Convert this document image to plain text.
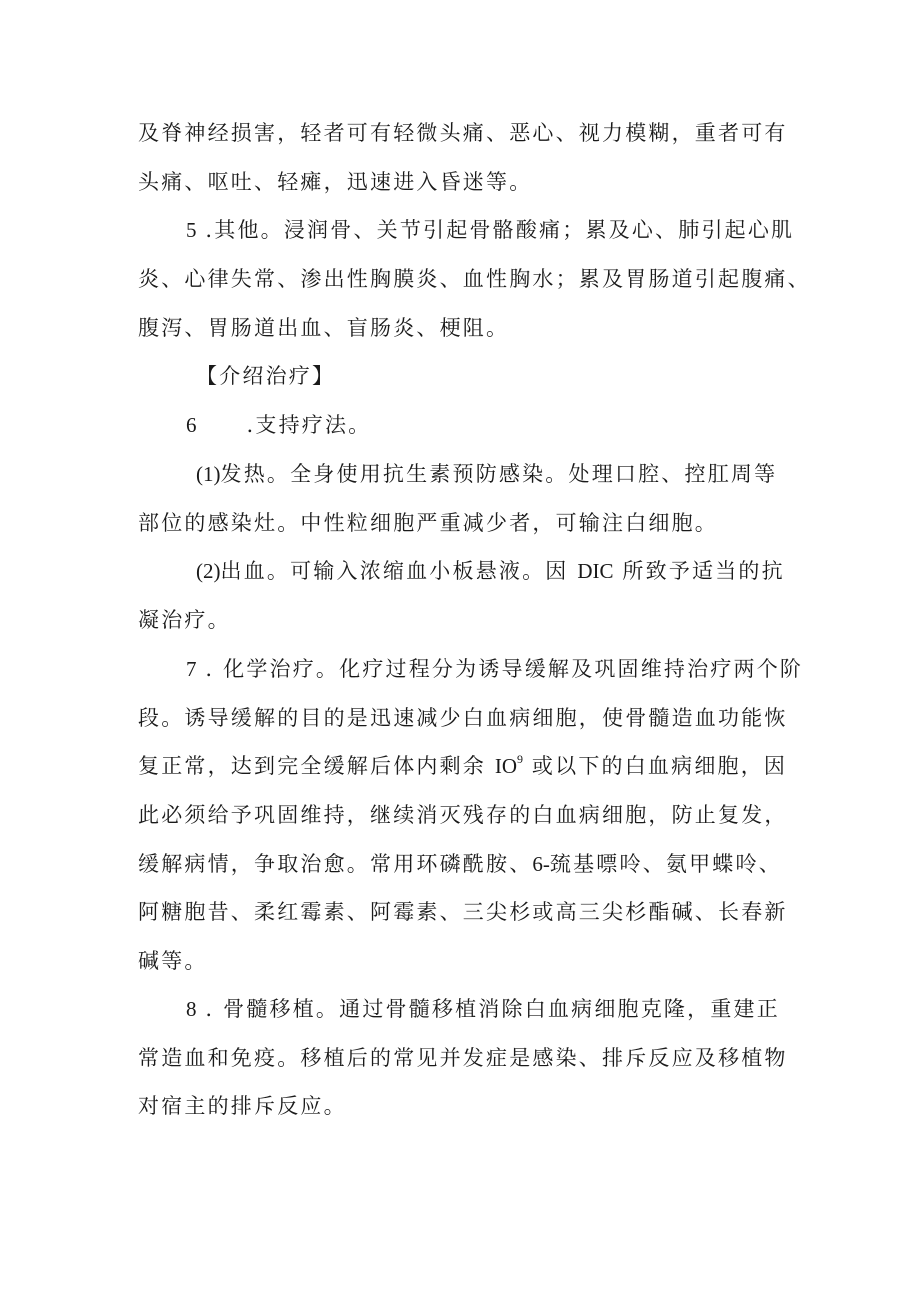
及脊神经损害，轻者可有轻微头痛、恶心、视力模糊，重者可有
头痛、呕吐、轻瘫，迅速进入昏迷等。
5 .其他。浸润骨、关节引起骨骼酸痛；累及心、肺引起心肌
炎、心律失常、渗出性胸膜炎、血性胸水；累及胃肠道引起腹痛、
腹泻、胃肠道出血、盲肠炎、梗阻。
【介绍治疗】
6 .支持疗法。
(1)发热。全身使用抗生素预防感染。处理口腔、控肛周等
部位的感染灶。中性粒细胞严重减少者，可输注白细胞。
(2)出血。可输入浓缩血小板悬液。因 DIC 所致予适当的抗
凝治疗。
7 . 化学治疗。化疗过程分为诱导缓解及巩固维持治疗两个阶
段。诱导缓解的目的是迅速减少白血病细胞，使骨髓造血功能恢
复正常，达到完全缓解后体内剩余 $IO^9$ 或以下的白血病细胞，因
此必须给予巩固维持，继续消灭残存的白血病细胞，防止复发，
缓解病情，争取治愈。常用环磷酰胺、6-巯基嘌呤、氨甲蝶呤、
阿糖胞昔、柔红霉素、阿霉素、三尖杉或高三尖杉酯碱、长春新
碱等。
8 . 骨髓移植。通过骨髓移植消除白血病细胞克隆，重建正
常造血和免疫。移植后的常见并发症是感染、排斥反应及移植物
对宿主的排斥反应。
